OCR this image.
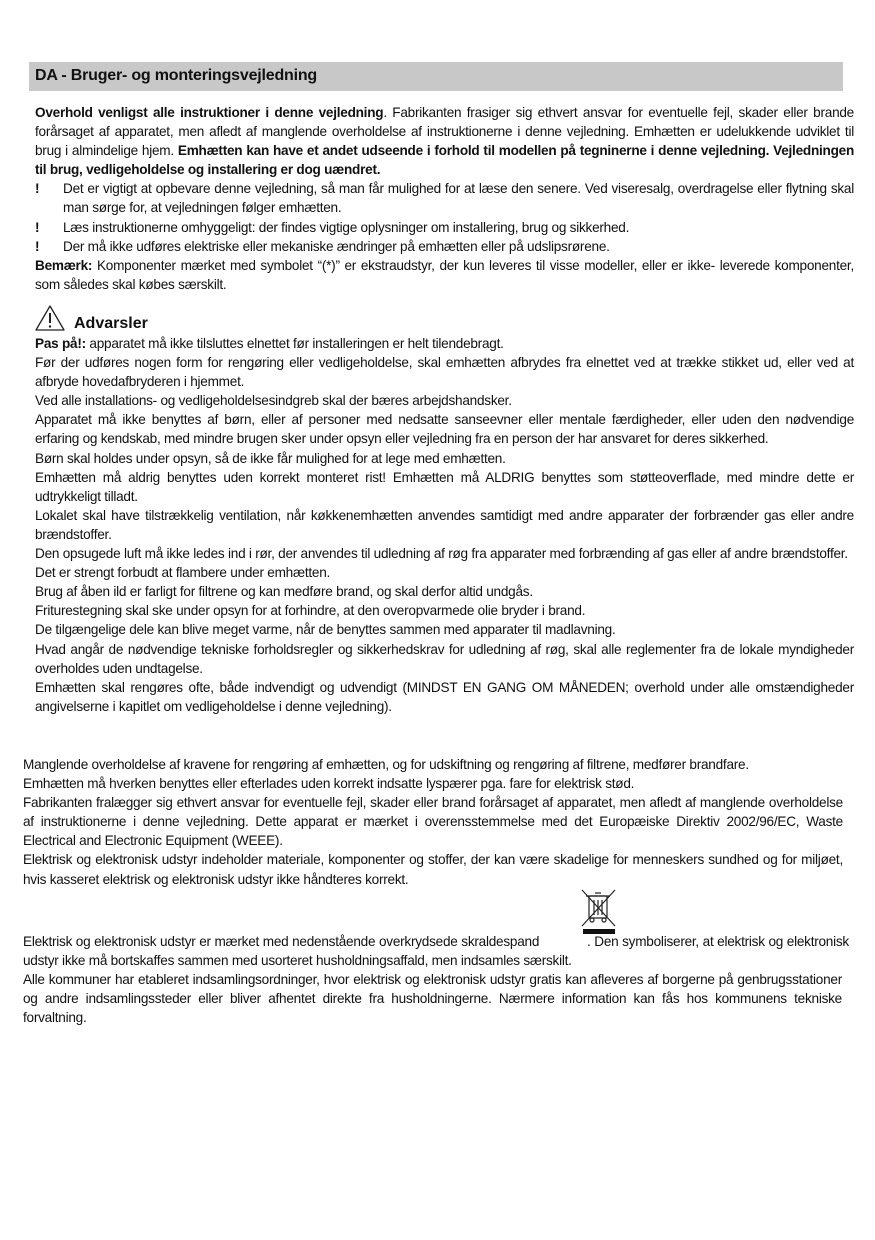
DA - Bruger- og monteringsvejledning

Overhold venligst alle instruktioner i denne vejledning. Fabrikanten frasiger sig ethvert ansvar for eventuelle fejl, skader eller brande forårsaget af apparatet, men afledt af manglende overholdelse af instruktionerne i denne vejledning. Emhætten er udelukkende udviklet til brug i almindelige hjem. Emhætten kan have et andet udseende i forhold til modellen på tegninerne i denne vejledning. Vejledningen til brug, vedligeholdelse og installering er dog uændret.

! Det er vigtigt at opbevare denne vejledning, så man får mulighed for at læse den senere. Ved viseresalg, overdragelse eller flytning skal man sørge for, at vejledningen følger emhætten.

! Læs instruktionerne omhyggeligt: der findes vigtige oplysninger om installering, brug og sikkerhed.

! Der må ikke udføres elektriske eller mekaniske ændringer på emhætten eller på udslipsrørene.

Bemærk: Komponenter mærket med symbolet “(*)” er ekstraudstyr, der kun leveres til visse modeller, eller er ikke- leverede komponenter, som således skal købes særskilt.

Advarsler

Pas på!: apparatet må ikke tilsluttes elnettet før installeringen er helt tilendebragt.

Før der udføres nogen form for rengøring eller vedligeholdelse, skal emhætten afbrydes fra elnettet ved at trække stikket ud, eller ved at afbryde hovedafbryderen i hjemmet.

Ved alle installations- og vedligeholdelsesindgreb skal der bæres arbejdshandsker.

Apparatet må ikke benyttes af børn, eller af personer med nedsatte sanseevner eller mentale færdigheder, eller uden den nødvendige erfaring og kendskab, med mindre brugen sker under opsyn eller vejledning fra en person der har ansvaret for deres sikkerhed.

Børn skal holdes under opsyn, så de ikke får mulighed for at lege med emhætten.

Emhætten må aldrig benyttes uden korrekt monteret rist! Emhætten må ALDRIG benyttes som støtteoverflade, med mindre dette er udtrykkeligt tilladt.

Lokalet skal have tilstrækkelig ventilation, når køkkenemhætten anvendes samtidigt med andre apparater der forbrænder gas eller andre brændstoffer.

Den opsugede luft må ikke ledes ind i rør, der anvendes til udledning af røg fra apparater med forbrænding af gas eller af andre brændstoffer.

Det er strengt forbudt at flambere under emhætten.

Brug af åben ild er farligt for filtrene og kan medføre brand, og skal derfor altid undgås.

Friturestegning skal ske under opsyn for at forhindre, at den overopvarmede olie bryder i brand.

De tilgængelige dele kan blive meget varme, når de benyttes sammen med apparater til madlavning.

Hvad angår de nødvendige tekniske forholdsregler og sikkerhedskrav for udledning af røg, skal alle reglementer fra de lokale myndigheder overholdes uden undtagelse.

Emhætten skal rengøres ofte, både indvendigt og udvendigt (MINDST EN GANG OM MÅNEDEN; overhold under alle omstændigheder angivelserne i kapitlet om vedligeholdelse i denne vejledning).

Manglende overholdelse af kravene for rengøring af emhætten, og for udskiftning og rengøring af filtrene, medfører brandfare.

Emhætten må hverken benyttes eller efterlades uden korrekt indsatte lyspærer pga. fare for elektrisk stød.

Fabrikanten fralægger sig ethvert ansvar for eventuelle fejl, skader eller brand forårsaget af apparatet, men afledt af manglende overholdelse af instruktionerne i denne vejledning. Dette apparat er mærket i overensstemmelse med det Europæiske Direktiv 2002/96/EC, Waste Electrical and Electronic Equipment (WEEE).

Elektrisk og elektronisk udstyr indeholder materiale, komponenter og stoffer, der kan være skadelige for menneskers sundhed og for miljøet, hvis kasseret elektrisk og elektronisk udstyr ikke håndteres korrekt.

Elektrisk og elektronisk udstyr er mærket med nedenstående overkrydsede skraldespand	. Den symboliserer, at elektrisk og elektronisk udstyr ikke må bortskaffes sammen med usorteret husholdningsaffald, men indsamles særskilt.

Alle kommuner har etableret indsamlingsordninger, hvor elektrisk og elektronisk udstyr gratis kan afleveres af borgerne på genbrugsstationer og andre indsamlingssteder eller bliver afhentet direkte fra husholdningerne. Nærmere information kan fås hos kommunens tekniske forvaltning.
